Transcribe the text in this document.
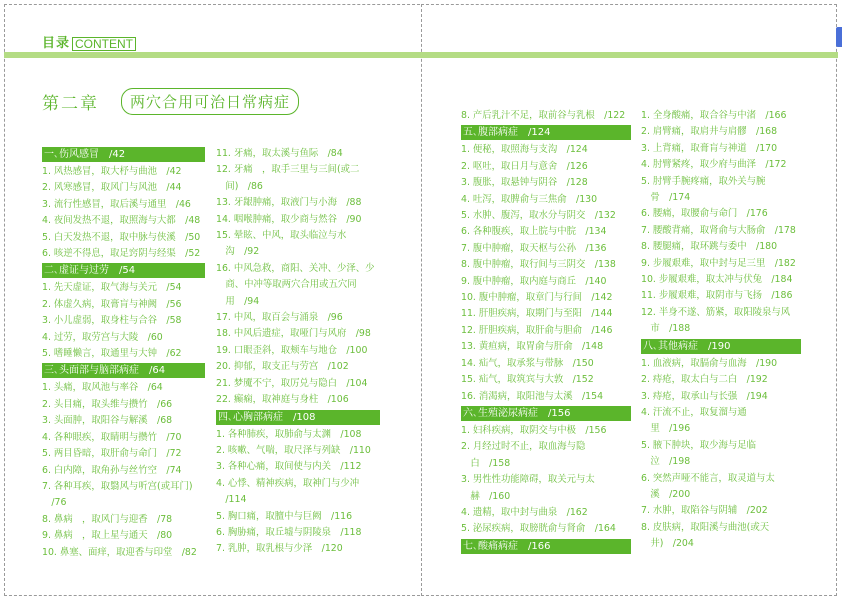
目录 CONTENT
第二章	两穴合用可治日常病症
一､伤风感冒　/42
1. 风热感冒，取大杼与曲池　/42
2. 风寒感冒，取风门与风池　/44
3. 流行性感冒，取后溪与通里　/46
4. 夜间发热不退，取照海与大都　/48
5. 白天发热不退，取中脉与侠溪　/50
6. 咳逆不得息，取足窍阴与经渠　/52
二､虚证与过劳　/54
1. 先天虚证，取气海与关元　/54
2. 体虚久病，取膏肓与神阙　/56
3. 小儿虚弱，取身柱与合谷　/58
4. 过劳，取劳宫与大陵　/60
5. 嗜睡懒言，取通里与大钟　/62
三､头面部与脑部病症　/64
1. 头痛，取风池与率谷　/64
2. 头目痛，取头维与攒竹　/66
3. 头面肿，取阳谷与解溪　/68
4. 各种眼疾，取睛明与攒竹　/70
5. 两目昏暗，取肝俞与命门　/72
6. 白内障，取角孙与丝竹空　/74
7. 各种耳疾，取翳风与听宫(或耳门)
　/76
8. 鼻病　，取风门与迎香　/78
9. 鼻病　，取上星与通天　/80
10. 鼻塞、面痒，取迎香与印堂　/82
11. 牙痛，取太溪与鱼际　/84
12. 牙痛　，取手三里与三间(或二
　间)　/86
13. 牙龈肿痛，取液门与小海　/88
14. 咽喉肿痛，取少商与然谷　/90
15. 晕眩、中风，取头临泣与水
　沟　/92
16. 中风急救，商阳、关冲、少泽、少
　商、中冲等取两穴合用或五穴同
　用　/94
17. 中风，取百会与涌泉　/96
18. 中风后遗症，取哑门与风府　/98
19. 口眼歪斜，取颊车与地仓　/100
20. 抑郁，取支正与劳宫　/102
21. 梦魇不宁，取厉兑与隐白　/104
22. 癫痫，取神庭与身柱　/106
四､心胸部病症　/108
1. 各种肺疾，取肺俞与太渊　/108
2. 咳嗽、气喘，取尺泽与列缺　/110
3. 各种心痛，取间使与内关　/112
4. 心悸、精神疾病，取神门与少冲
　/114
5. 胸口痛，取膻中与巨阙　/116
6. 胸胁痛，取丘墟与阴陵泉　/118
7. 乳肿，取乳根与少泽　/120
8. 产后乳汁不足，取前谷与乳根　/122
五､腹部病症　/124
1. 便秘，取照海与支沟　/124
2. 呕吐，取日月与意舍　/126
3. 腹胀，取悬钟与阴谷　/128
4. 吐泻，取脾俞与三焦俞　/130
5. 水肿、腹泻，取水分与阴交　/132
6. 各种腹疾，取上脘与中脘　/134
7. 腹中肿瘤，取天枢与公孙　/136
8. 腹中肿瘤，取行间与三阴交　/138
9. 腹中肿瘤，取内庭与商丘　/140
10. 腹中肿瘤，取章门与行间　/142
11. 肝胆疾病，取期门与至阳　/144
12. 肝胆疾病，取肝俞与胆俞　/146
13. 黄疸病，取胃俞与肝俞　/148
14. 疝气，取承浆与带脉　/150
15. 疝气，取筑宾与大敦　/152
16. 消渴病，取阳池与太溪　/154
六､生殖泌尿病症　/156
1. 妇科疾病，取阴交与中极　/156
2. 月经过时不止，取血海与隐
　白　/158
3. 男性性功能障碍，取关元与太
　赫　/160
4. 遗精，取中封与曲泉　/162
5. 泌尿疾病，取膀胱俞与肾俞　/164
七､酸痛病症　/166
1. 全身酸痛，取合谷与中渚　/166
2. 肩臂痛，取肩井与肩髎　/168
3. 上背痛，取膏肓与神道　/170
4. 肘臂紧疼，取少府与曲泽　/172
5. 肘臂手腕疼痛，取外关与腕
　骨　/174
6. 腰痛，取腰俞与命门　/176
7. 腰酸背痛，取肾俞与大肠俞　/178
8. 腰腿痛，取环跳与委中　/180
9. 步履艰难，取中封与足三里　/182
10. 步履艰难，取太冲与伏兔　/184
11. 步履艰难，取阴市与飞扬　/186
12. 半身不遂、筋紧，取阳陵泉与风
　市　/188
八､其他病症　/190
1. 血液病，取膈俞与血海　/190
2. 痔疮，取太白与二白　/192
3. 痔疮，取承山与长强　/194
4. 汗流不止，取复溜与通
　里　/196
5. 腋下肿块，取少海与足临
　泣　/198
6. 突然声哑不能言，取灵道与太
　溪　/200
7. 水肿，取陷谷与阴辅　/202
8. 皮肤病，取阳溪与曲池(或天
　井)　/204
